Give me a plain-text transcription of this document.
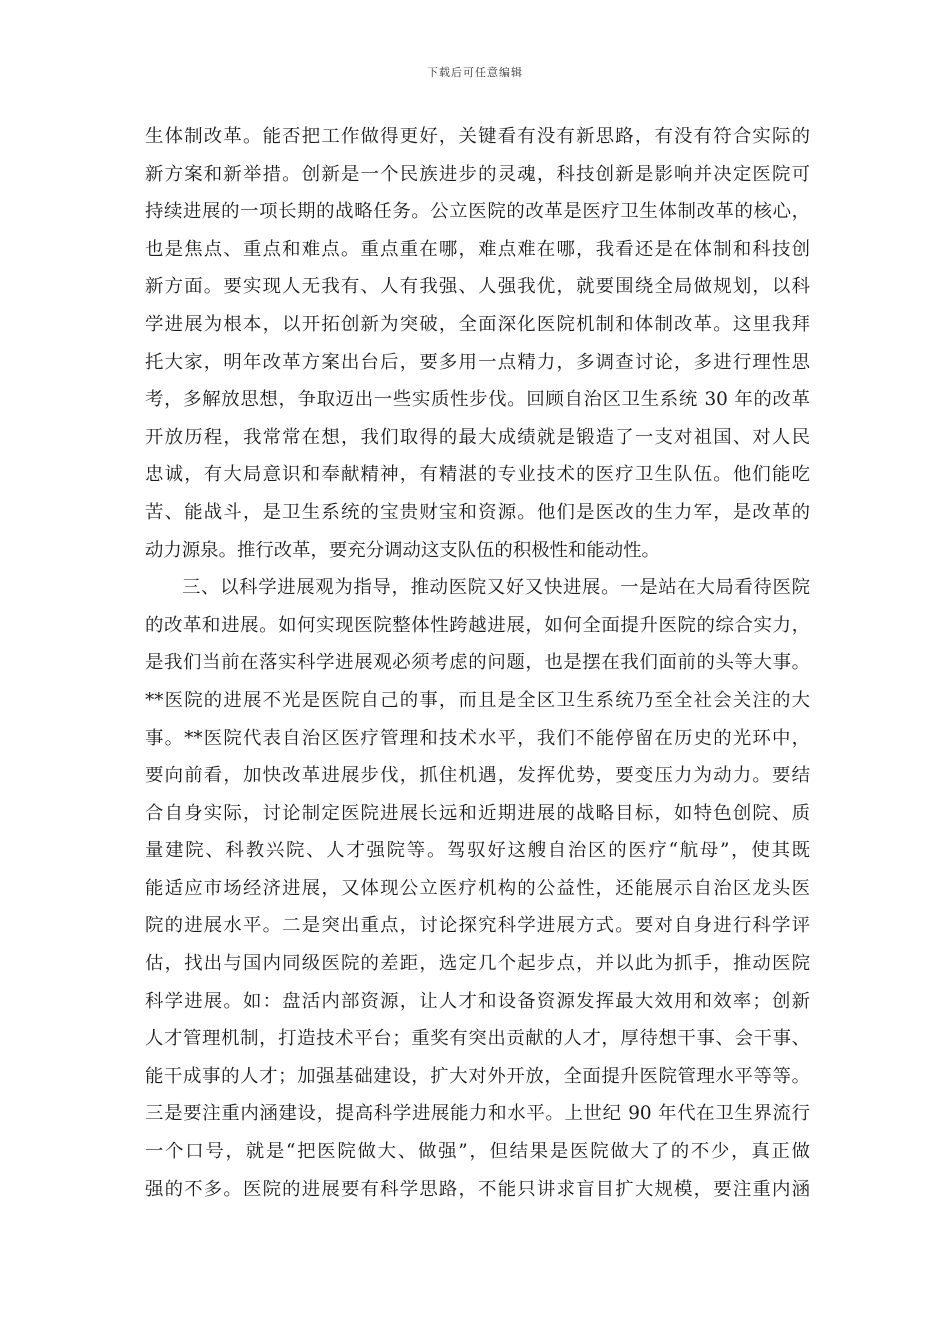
下载后可任意编辑
生体制改革。能否把工作做得更好，关键看有没有新思路，有没有符合实际的
新方案和新举措。创新是一个民族进步的灵魂，科技创新是影响并决定医院可
持续进展的一项长期的战略任务。公立医院的改革是医疗卫生体制改革的核心，
也是焦点、重点和难点。重点重在哪，难点难在哪，我看还是在体制和科技创
新方面。要实现人无我有、人有我强、人强我优，就要围绕全局做规划，以科
学进展为根本，以开拓创新为突破，全面深化医院机制和体制改革。这里我拜
托大家，明年改革方案出台后，要多用一点精力，多调查讨论，多进行理性思
考，多解放思想，争取迈出一些实质性步伐。回顾自治区卫生系统 30 年的改革
开放历程，我常常在想，我们取得的最大成绩就是锻造了一支对祖国、对人民
忠诚，有大局意识和奉献精神，有精湛的专业技术的医疗卫生队伍。他们能吃
苦、能战斗，是卫生系统的宝贵财宝和资源。他们是医改的生力军，是改革的
动力源泉。推行改革，要充分调动这支队伍的积极性和能动性。
三、以科学进展观为指导，推动医院又好又快进展。一是站在大局看待医院
的改革和进展。如何实现医院整体性跨越进展，如何全面提升医院的综合实力，
是我们当前在落实科学进展观必须考虑的问题，也是摆在我们面前的头等大事。
**医院的进展不光是医院自己的事，而且是全区卫生系统乃至全社会关注的大
事。**医院代表自治区医疗管理和技术水平，我们不能停留在历史的光环中，
要向前看，加快改革进展步伐，抓住机遇，发挥优势，要变压力为动力。要结
合自身实际，讨论制定医院进展长远和近期进展的战略目标，如特色创院、质
量建院、科教兴院、人才强院等。驾驭好这艘自治区的医疗“航母”，使其既
能适应市场经济进展，又体现公立医疗机构的公益性，还能展示自治区龙头医
院的进展水平。二是突出重点，讨论探究科学进展方式。要对自身进行科学评
估，找出与国内同级医院的差距，选定几个起步点，并以此为抓手，推动医院
科学进展。如：盘活内部资源，让人才和设备资源发挥最大效用和效率；创新
人才管理机制，打造技术平台；重奖有突出贡献的人才，厚待想干事、会干事、
能干成事的人才；加强基础建设，扩大对外开放，全面提升医院管理水平等等。
三是要注重内涵建设，提高科学进展能力和水平。上世纪 90 年代在卫生界流行
一个口号，就是“把医院做大、做强”，但结果是医院做大了的不少，真正做
强的不多。医院的进展要有科学思路，不能只讲求盲目扩大规模，要注重内涵
